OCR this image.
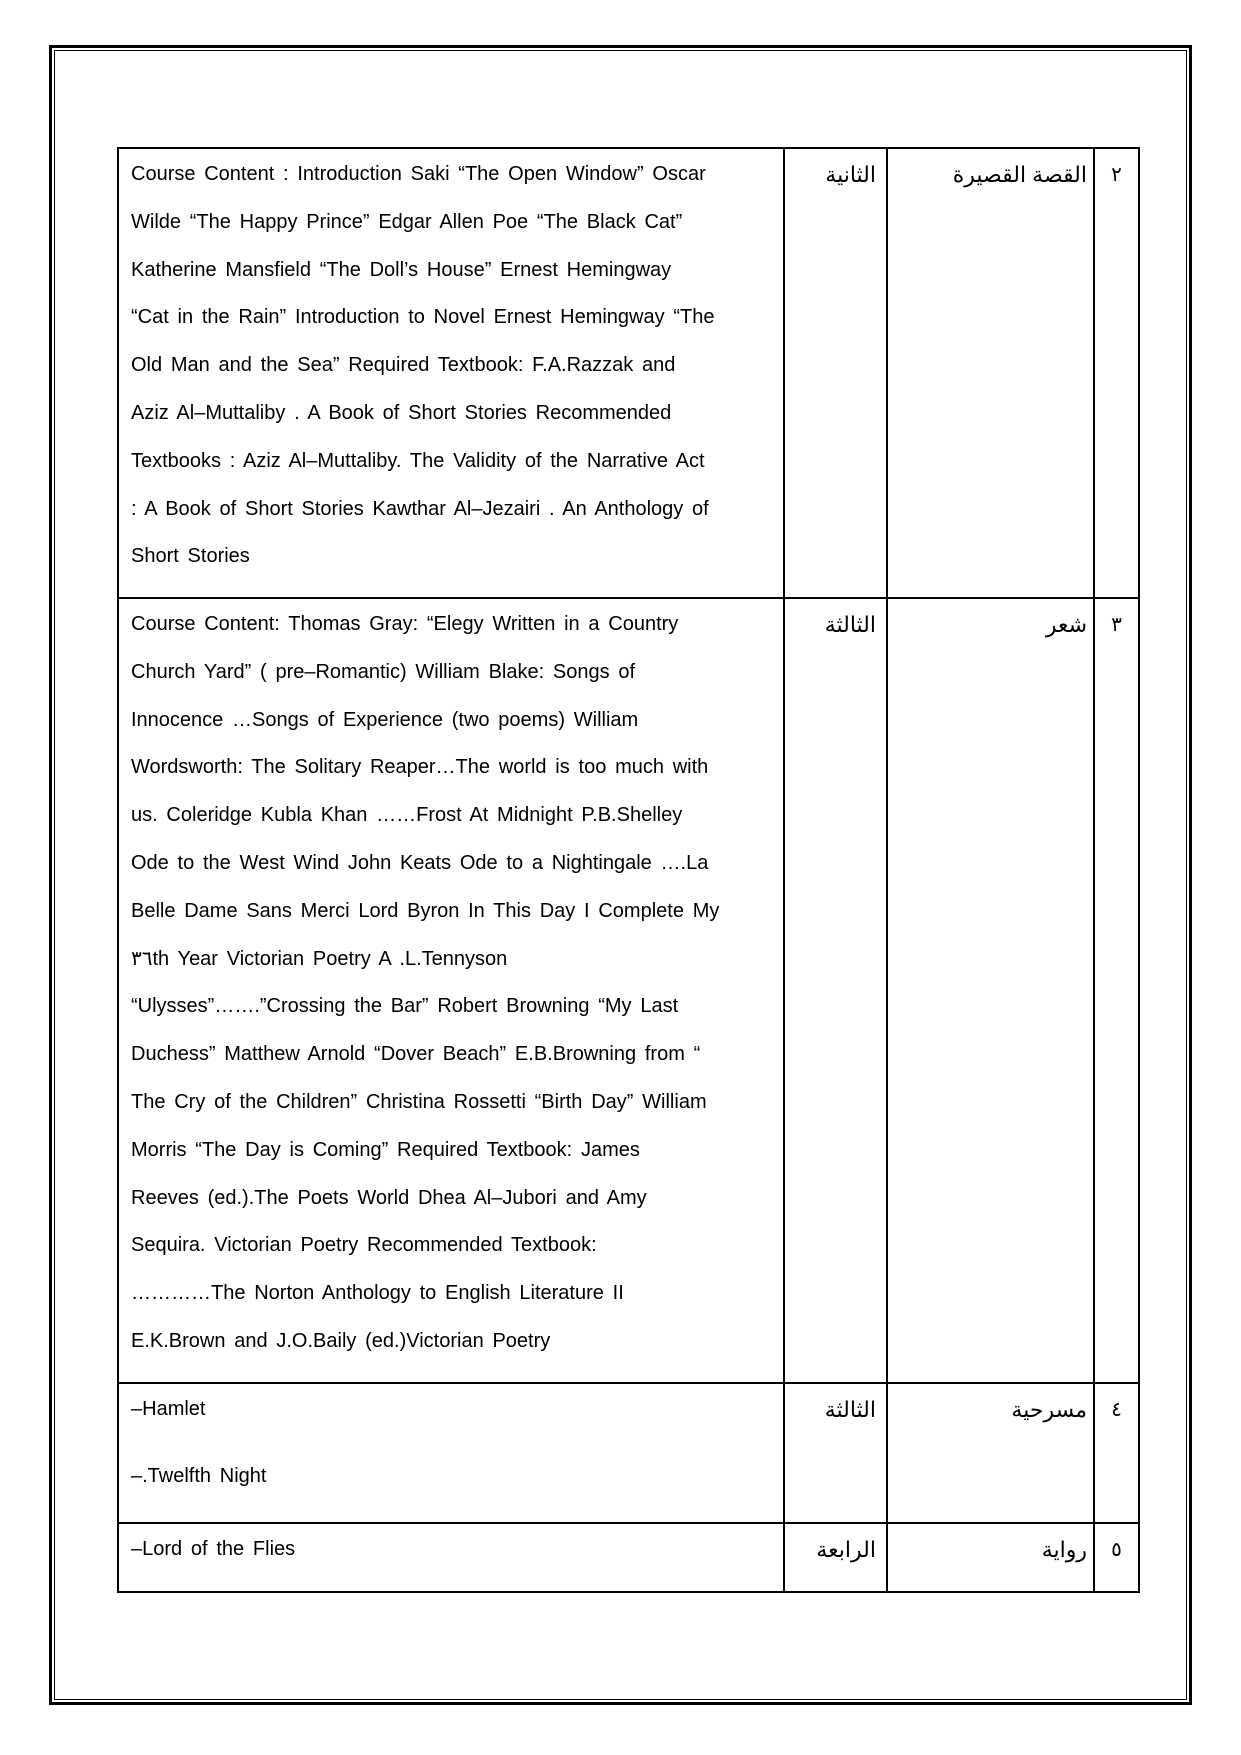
Course Content : Introduction Saki “The Open Window” Oscar
Wilde “The Happy Prince” Edgar Allen Poe “The Black Cat”
Katherine Mansfield “The Doll’s House” Ernest Hemingway
“Cat in the Rain” Introduction to Novel Ernest Hemingway “The
Old Man and the Sea” Required Textbook: F.A.Razzak and
Aziz Al–Muttaliby . A Book of Short Stories Recommended
Textbooks : Aziz Al–Muttaliby. The Validity of the Narrative Act
: A Book of Short Stories Kawthar Al–Jezairi . An Anthology of
Short Stories
	الثانية	القصة القصيرة	٢

Course Content: Thomas Gray: “Elegy Written in a Country
Church Yard” ( pre–Romantic) William Blake: Songs of
Innocence …Songs of Experience (two poems) William
Wordsworth: The Solitary Reaper…The world is too much with
us. Coleridge Kubla Khan ……Frost At Midnight P.B.Shelley
Ode to the West Wind John Keats Ode to a Nightingale ….La
Belle Dame Sans Merci Lord Byron In This Day I Complete My
٣٦th Year Victorian Poetry A .L.Tennyson
“Ulysses”…….”Crossing the Bar” Robert Browning “My Last
Duchess” Matthew Arnold “Dover Beach” E.B.Browning from “
The Cry of the Children” Christina Rossetti “Birth Day” William
Morris “The Day is Coming” Required Textbook: James
Reeves (ed.).The Poets World Dhea Al–Jubori and Amy
Sequira. Victorian Poetry Recommended Textbook:
…………The Norton Anthology to English Literature II
E.K.Brown and J.O.Baily (ed.)Victorian Poetry
	الثالثة	شعر	٣

–Hamlet
–.Twelfth Night	الثالثة	مسرحية	٤

–Lord of the Flies	الرابعة	رواية	٥
